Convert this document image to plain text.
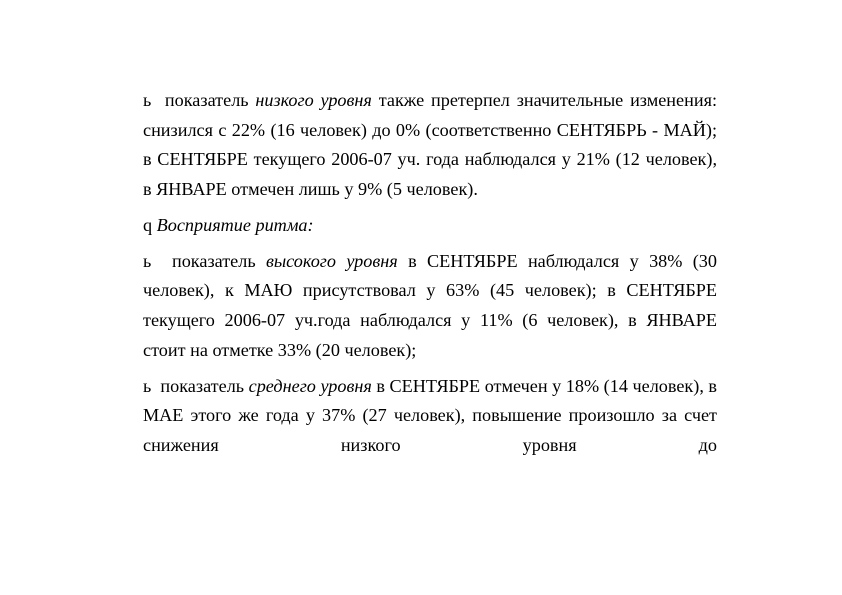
ь показатель низкого уровня также претерпел значительные изменения: снизился с 22% (16 человек) до 0% (соответственно СЕНТЯБРЬ - МАЙ); в СЕНТЯБРЕ текущего 2006-07 уч. года наблюдался у 21% (12 человек), в ЯНВАРЕ отмечен лишь у 9% (5 человек).

q Восприятие ритма:

ь показатель высокого уровня в СЕНТЯБРЕ наблюдался у 38% (30 человек), к МАЮ присутствовал у 63% (45 человек); в СЕНТЯБРЕ текущего 2006-07 уч.года наблюдался у 11% (6 человек), в ЯНВАРЕ стоит на отметке 33% (20 человек);

ь показатель среднего уровня в СЕНТЯБРЕ отмечен у 18% (14 человек), в МАЕ этого же года у 37% (27 человек), повышение произошло за счет снижения низкого уровня до
